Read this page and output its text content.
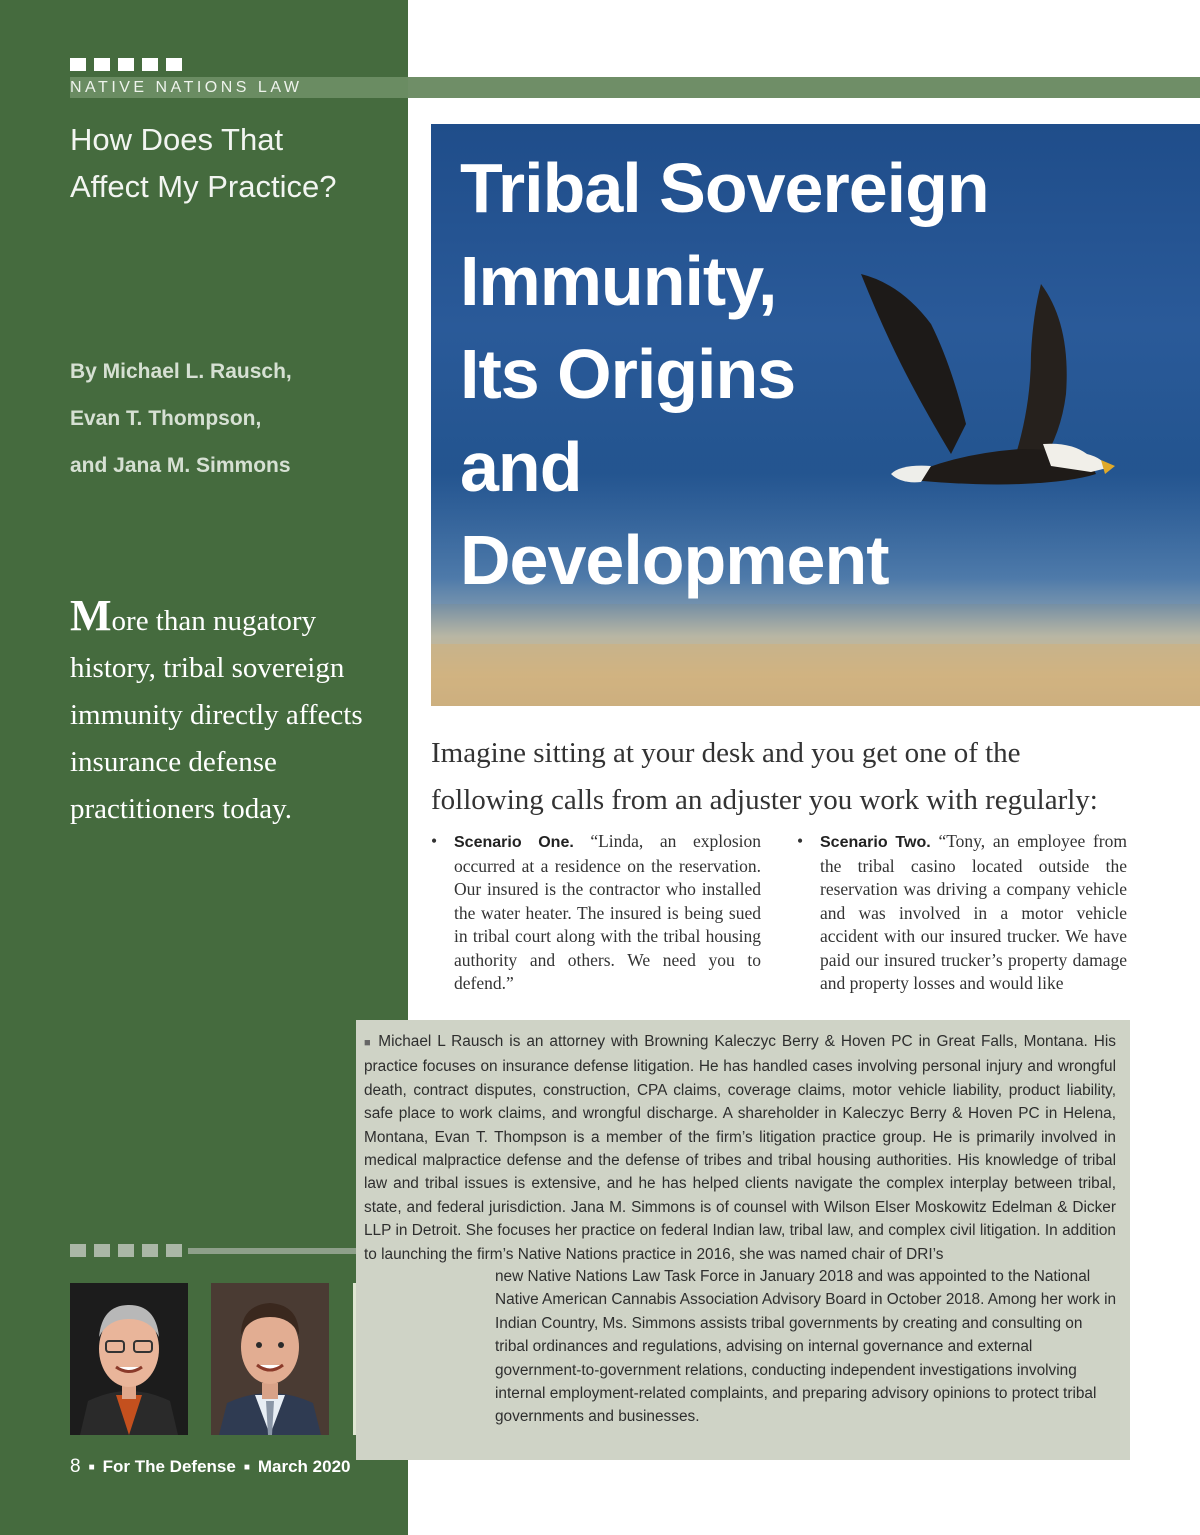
NATIVE NATIONS LAW
How Does That
Affect My Practice?
By Michael L. Rausch,
Evan T. Thompson,
and Jana M. Simmons
More than nugatory history, tribal sovereign immunity directly affects insurance defense practitioners today.
8 ■ For The Defense ■ March 2020
Tribal Sovereign
Immunity,
Its Origins
and
Development
Imagine sitting at your desk and you get one of the following calls from an adjuster you work with regularly:
• Scenario One. “Linda, an explosion occurred at a residence on the reservation. Our insured is the contractor who installed the water heater. The insured is being sued in tribal court along with the tribal housing authority and others. We need you to defend.”
• Scenario Two. “Tony, an employee from the tribal casino located outside the reservation was driving a company vehicle and was involved in a motor vehicle accident with our insured trucker. We have paid our insured trucker’s property damage and property losses and would like
■ Michael L Rausch is an attorney with Browning Kaleczyc Berry & Hoven PC in Great Falls, Montana. His practice focuses on insurance defense litigation. He has handled cases involving personal injury and wrongful death, contract disputes, construction, CPA claims, coverage claims, motor vehicle liability, product liability, safe place to work claims, and wrongful discharge. A shareholder in Kaleczyc Berry & Hoven PC in Helena, Montana, Evan T. Thompson is a member of the firm’s litigation practice group. He is primarily involved in medical malpractice defense and the defense of tribes and tribal housing authorities. His knowledge of tribal law and tribal issues is extensive, and he has helped clients navigate the complex interplay between tribal, state, and federal jurisdiction. Jana M. Simmons is of counsel with Wilson Elser Moskowitz Edelman & Dicker LLP in Detroit. She focuses her practice on federal Indian law, tribal law, and complex civil litigation. In addition to launching the firm’s Native Nations practice in 2016, she was named chair of DRI’s
new Native Nations Law Task Force in January 2018 and was appointed to the National Native American Cannabis Association Advisory Board in October 2018. Among her work in Indian Country, Ms. Simmons assists tribal governments by creating and consulting on tribal ordinances and regulations, advising on internal governance and external government-to-government relations, conducting independent investigations involving internal employment-related complaints, and preparing advisory opinions to protect tribal governments and businesses.
